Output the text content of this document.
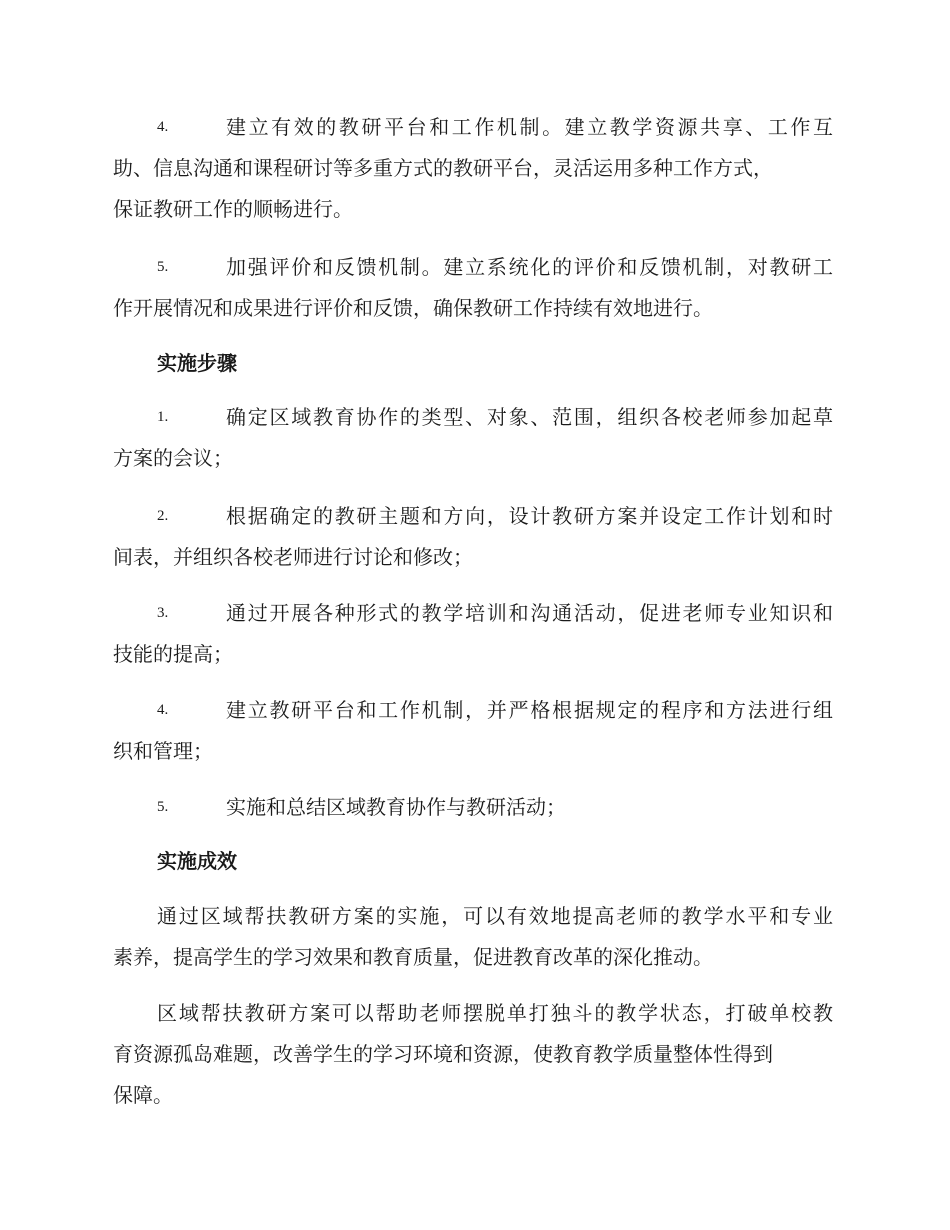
4.	建立有效的教研平台和工作机制。建立教学资源共享、工作互
助、信息沟通和课程研讨等多重方式的教研平台，灵活运用多种工作方式，
保证教研工作的顺畅进行。
5.	加强评价和反馈机制。建立系统化的评价和反馈机制，对教研工
作开展情况和成果进行评价和反馈，确保教研工作持续有效地进行。
实施步骤
1.	确定区域教育协作的类型、对象、范围，组织各校老师参加起草
方案的会议；
2.	根据确定的教研主题和方向，设计教研方案并设定工作计划和时
间表，并组织各校老师进行讨论和修改；
3.	通过开展各种形式的教学培训和沟通活动，促进老师专业知识和
技能的提高；
4.	建立教研平台和工作机制，并严格根据规定的程序和方法进行组
织和管理；
5.	实施和总结区域教育协作与教研活动；
实施成效
通过区域帮扶教研方案的实施，可以有效地提高老师的教学水平和专业
素养，提高学生的学习效果和教育质量，促进教育改革的深化推动。
区域帮扶教研方案可以帮助老师摆脱单打独斗的教学状态，打破单校教
育资源孤岛难题，改善学生的学习环境和资源，使教育教学质量整体性得到
保障。
